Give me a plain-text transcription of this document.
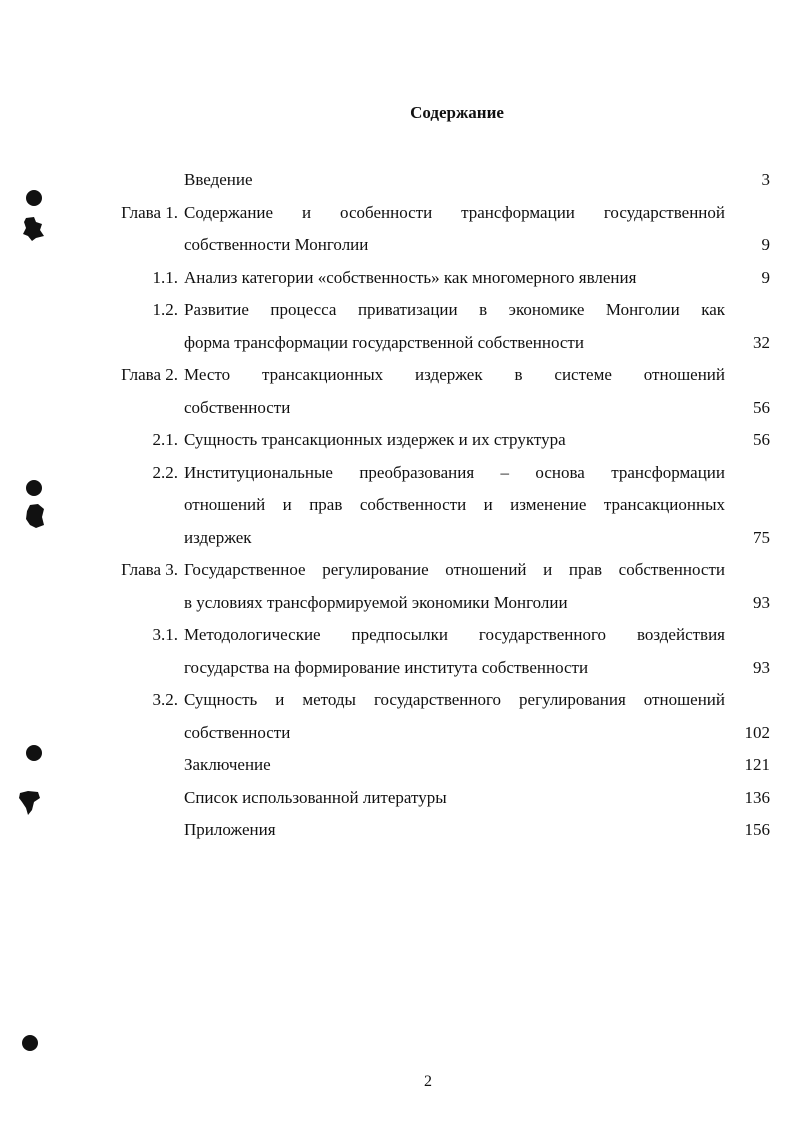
Содержание
Введение	3
Глава 1. Содержание и особенности трансформации государственной
собственности Монголии	9
1.1. Анализ категории «собственность» как многомерного явления	9
1.2. Развитие процесса приватизации в экономике Монголии как
форма трансформации государственной собственности	32
Глава 2. Место трансакционных издержек в системе отношений
собственности	56
2.1. Сущность трансакционных издержек и их структура	56
2.2. Институциональные преобразования – основа трансформации
отношений и прав собственности и изменение трансакционных
издержек	75
Глава 3. Государственное регулирование отношений и прав собственности
в условиях трансформируемой экономики Монголии	93
3.1. Методологические предпосылки государственного воздействия
государства на формирование института собственности	93
3.2. Сущность и методы государственного регулирования отношений
собственности	102
Заключение	121
Список использованной литературы	136
Приложения	156
2
